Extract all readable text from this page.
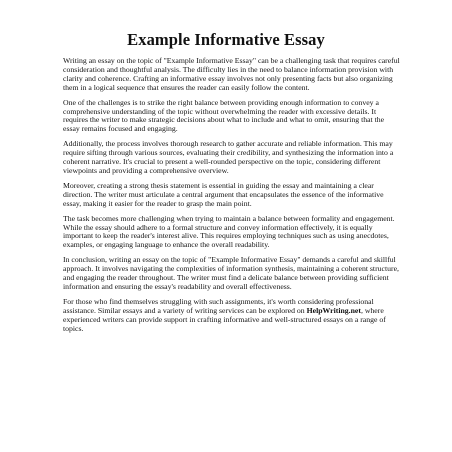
Example Informative Essay

Writing an essay on the topic of "Example Informative Essay" can be a challenging task that requires careful consideration and thoughtful analysis. The difficulty lies in the need to balance information provision with clarity and coherence. Crafting an informative essay involves not only presenting facts but also organizing them in a logical sequence that ensures the reader can easily follow the content.

One of the challenges is to strike the right balance between providing enough information to convey a comprehensive understanding of the topic without overwhelming the reader with excessive details. It requires the writer to make strategic decisions about what to include and what to omit, ensuring that the essay remains focused and engaging.

Additionally, the process involves thorough research to gather accurate and reliable information. This may require sifting through various sources, evaluating their credibility, and synthesizing the information into a coherent narrative. It's crucial to present a well-rounded perspective on the topic, considering different viewpoints and providing a comprehensive overview.

Moreover, creating a strong thesis statement is essential in guiding the essay and maintaining a clear direction. The writer must articulate a central argument that encapsulates the essence of the informative essay, making it easier for the reader to grasp the main point.

The task becomes more challenging when trying to maintain a balance between formality and engagement. While the essay should adhere to a formal structure and convey information effectively, it is equally important to keep the reader's interest alive. This requires employing techniques such as using anecdotes, examples, or engaging language to enhance the overall readability.

In conclusion, writing an essay on the topic of "Example Informative Essay" demands a careful and skillful approach. It involves navigating the complexities of information synthesis, maintaining a coherent structure, and engaging the reader throughout. The writer must find a delicate balance between providing sufficient information and ensuring the essay's readability and overall effectiveness.

For those who find themselves struggling with such assignments, it's worth considering professional assistance. Similar essays and a variety of writing services can be explored on HelpWriting.net, where experienced writers can provide support in crafting informative and well-structured essays on a range of topics.
